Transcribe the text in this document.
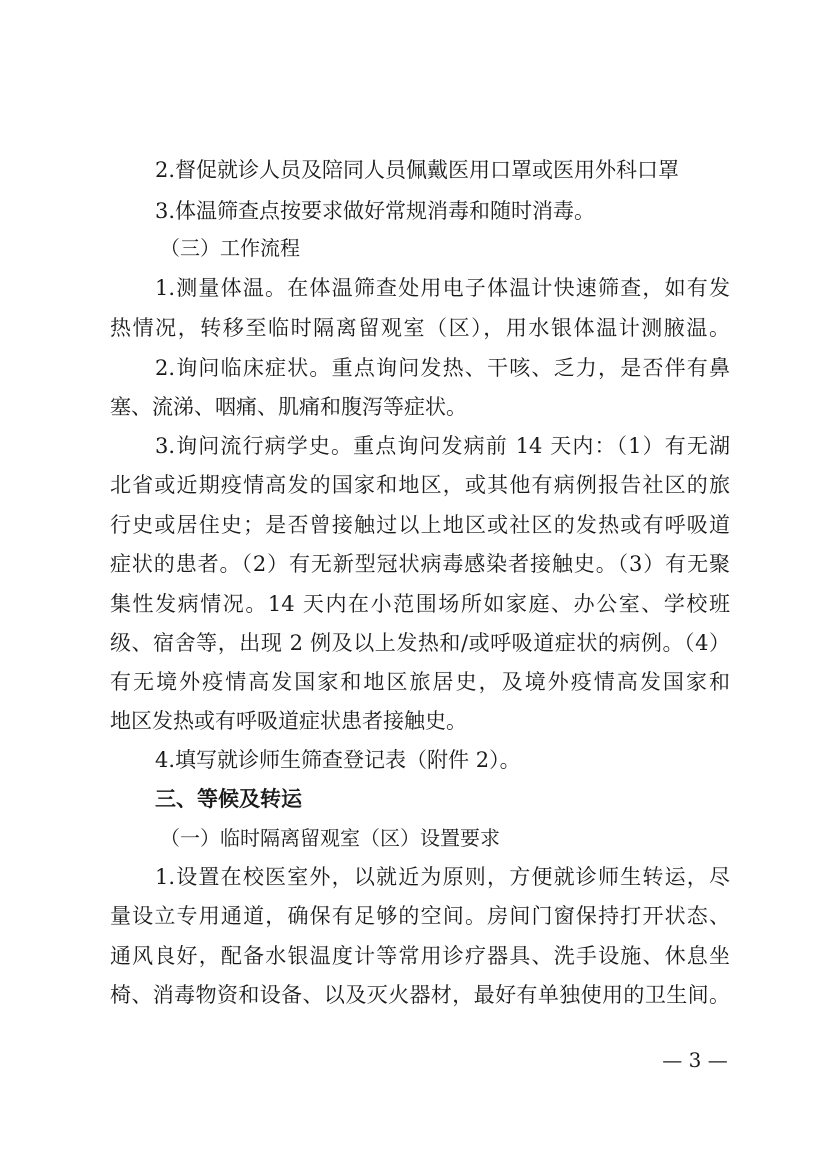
2.督促就诊人员及陪同人员佩戴医用口罩或医用外科口罩
3.体温筛查点按要求做好常规消毒和随时消毒。
（三）工作流程
1.测量体温。在体温筛查处用电子体温计快速筛查，如有发
热情况，转移至临时隔离留观室（区），用水银体温计测腋温。
2.询问临床症状。重点询问发热、干咳、乏力，是否伴有鼻
塞、流涕、咽痛、肌痛和腹泻等症状。
3.询问流行病学史。重点询问发病前 14 天内：（1）有无湖
北省或近期疫情高发的国家和地区，或其他有病例报告社区的旅
行史或居住史；是否曾接触过以上地区或社区的发热或有呼吸道
症状的患者。（2）有无新型冠状病毒感染者接触史。（3）有无聚
集性发病情况。14 天内在小范围场所如家庭、办公室、学校班
级、宿舍等，出现 2 例及以上发热和/或呼吸道症状的病例。（4）
有无境外疫情高发国家和地区旅居史，及境外疫情高发国家和
地区发热或有呼吸道症状患者接触史。
4.填写就诊师生筛查登记表（附件 2）。
三、等候及转运
（一）临时隔离留观室（区）设置要求
1.设置在校医室外，以就近为原则，方便就诊师生转运，尽
量设立专用通道，确保有足够的空间。房间门窗保持打开状态、
通风良好，配备水银温度计等常用诊疗器具、洗手设施、休息坐
椅、消毒物资和设备、以及灭火器材，最好有单独使用的卫生间。
— 3 —
